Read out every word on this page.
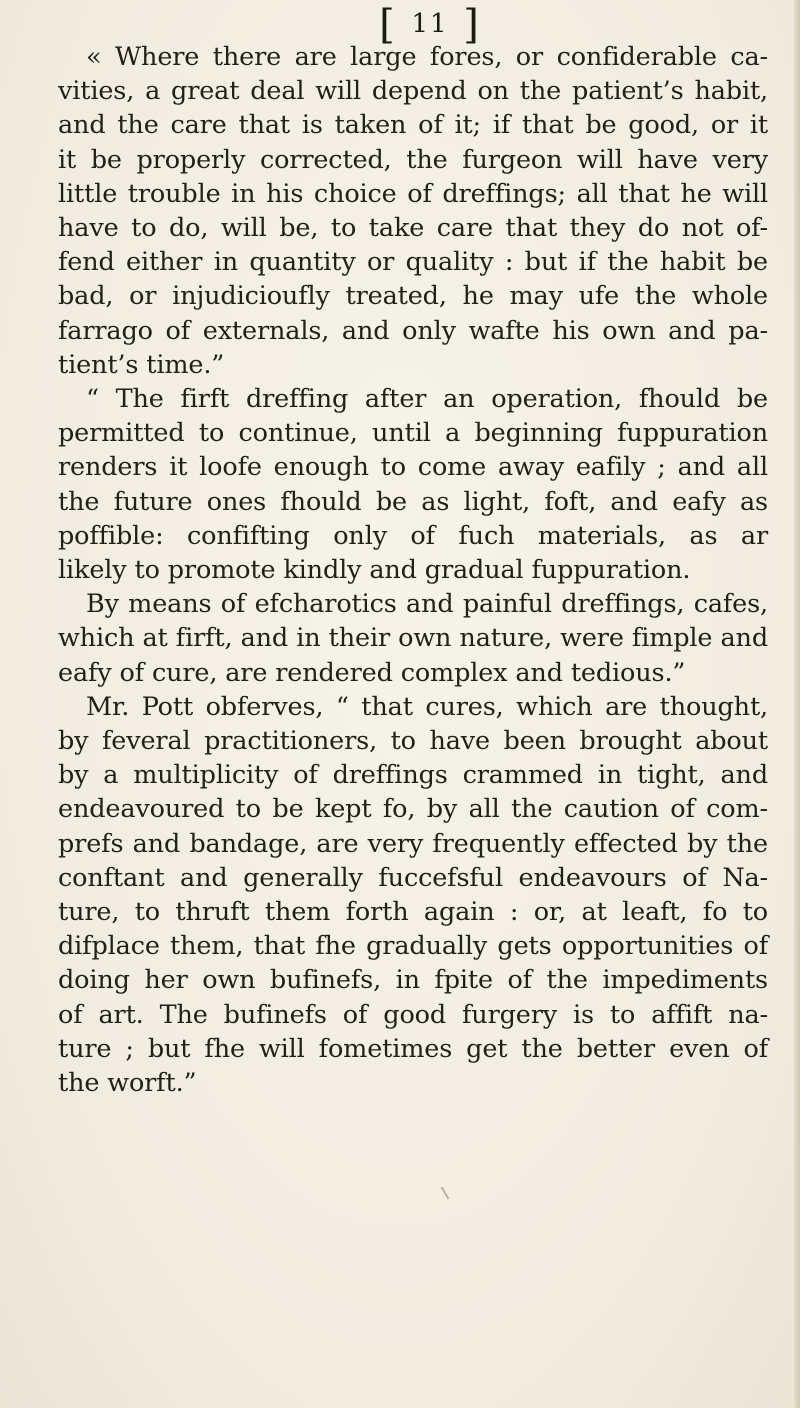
[ 11 ]
« Where there are large fores, or confiderable ca-
vities, a great deal will depend on the patient’s habit,
and the care that is taken of it; if that be good, or it
it be properly corrected, the furgeon will have very
little trouble in his choice of dreffings; all that he will
have to do, will be, to take care that they do not of-
fend either in quantity or quality : but if the habit be
bad, or injudicioufly treated, he may ufe the whole
farrago of externals, and only wafte his own and pa-
tient’s time.”
“ The firft dreffing after an operation, fhould be
permitted to continue, until a beginning fuppuration
renders it loofe enough to come away eafily ; and all
the future ones fhould be as light, foft, and eafy as
poffible: confifting only of fuch materials, as ar
likely to promote kindly and gradual fuppuration.
By means of efcharotics and painful dreffings, cafes,
which at firft, and in their own nature, were fimple and
eafy of cure, are rendered complex and tedious.”
Mr. Pott obferves, “ that cures, which are thought,
by feveral practitioners, to have been brought about
by a multiplicity of dreffings crammed in tight, and
endeavoured to be kept fo, by all the caution of com-
prefs and bandage, are very frequently effected by the
conftant and generally fuccefsful endeavours of Na-
ture, to thruft them forth again : or, at leaft, fo to
difplace them, that fhe gradually gets opportunities of
doing her own bufinefs, in fpite of the impediments
of art. The bufinefs of good furgery is to affift na-
ture ; but fhe will fometimes get the better even of
the worft.”
